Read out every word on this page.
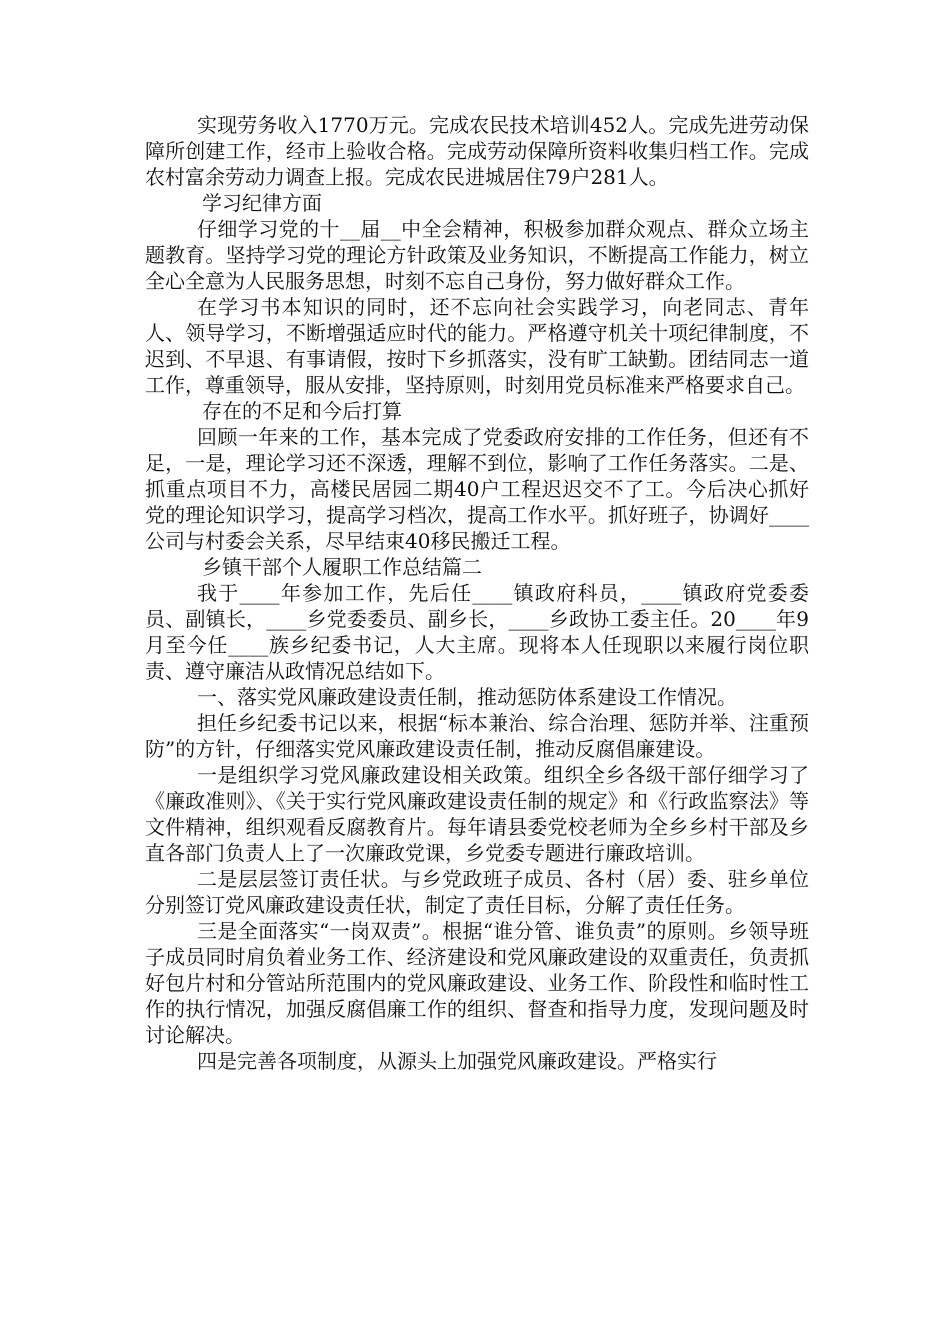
实现劳务收入1770万元。完成农民技术培训452人。完成先进劳动保障所创建工作，经市上验收合格。完成劳动保障所资料收集归档工作。完成农村富余劳动力调查上报。完成农民进城居住79户281人。

学习纪律方面

仔细学习党的十__届__中全会精神，积极参加群众观点、群众立场主题教育。坚持学习党的理论方针政策及业务知识，不断提高工作能力，树立全心全意为人民服务思想，时刻不忘自己身份，努力做好群众工作。

在学习书本知识的同时，还不忘向社会实践学习，向老同志、青年人、领导学习，不断增强适应时代的能力。严格遵守机关十项纪律制度，不迟到、不早退、有事请假，按时下乡抓落实，没有旷工缺勤。团结同志一道工作，尊重领导，服从安排，坚持原则，时刻用党员标准来严格要求自己。

存在的不足和今后打算

回顾一年来的工作，基本完成了党委政府安排的工作任务，但还有不足，一是，理论学习还不深透，理解不到位，影响了工作任务落实。二是、抓重点项目不力，高楼民居园二期40户工程迟迟交不了工。今后决心抓好党的理论知识学习，提高学习档次，提高工作水平。抓好班子，协调好____公司与村委会关系，尽早结束40移民搬迁工程。

乡镇干部个人履职工作总结篇二

我于____年参加工作，先后任____镇政府科员，____镇政府党委委员、副镇长，____乡党委委员、副乡长，____乡政协工委主任。20____年9月至今任____族乡纪委书记，人大主席。现将本人任现职以来履行岗位职责、遵守廉洁从政情况总结如下。

一、落实党风廉政建设责任制，推动惩防体系建设工作情况。

担任乡纪委书记以来，根据“标本兼治、综合治理、惩防并举、注重预防”的方针，仔细落实党风廉政建设责任制，推动反腐倡廉建设。

一是组织学习党风廉政建设相关政策。组织全乡各级干部仔细学习了《廉政准则》、《关于实行党风廉政建设责任制的规定》和《行政监察法》等文件精神，组织观看反腐教育片。每年请县委党校老师为全乡乡村干部及乡直各部门负责人上了一次廉政党课，乡党委专题进行廉政培训。

二是层层签订责任状。与乡党政班子成员、各村（居）委、驻乡单位分别签订党风廉政建设责任状，制定了责任目标，分解了责任任务。

三是全面落实“一岗双责”。根据“谁分管、谁负责”的原则。乡领导班子成员同时肩负着业务工作、经济建设和党风廉政建设的双重责任，负责抓好包片村和分管站所范围内的党风廉政建设、业务工作、阶段性和临时性工作的执行情况，加强反腐倡廉工作的组织、督查和指导力度，发现问题及时讨论解决。

四是完善各项制度，从源头上加强党风廉政建设。严格实行
